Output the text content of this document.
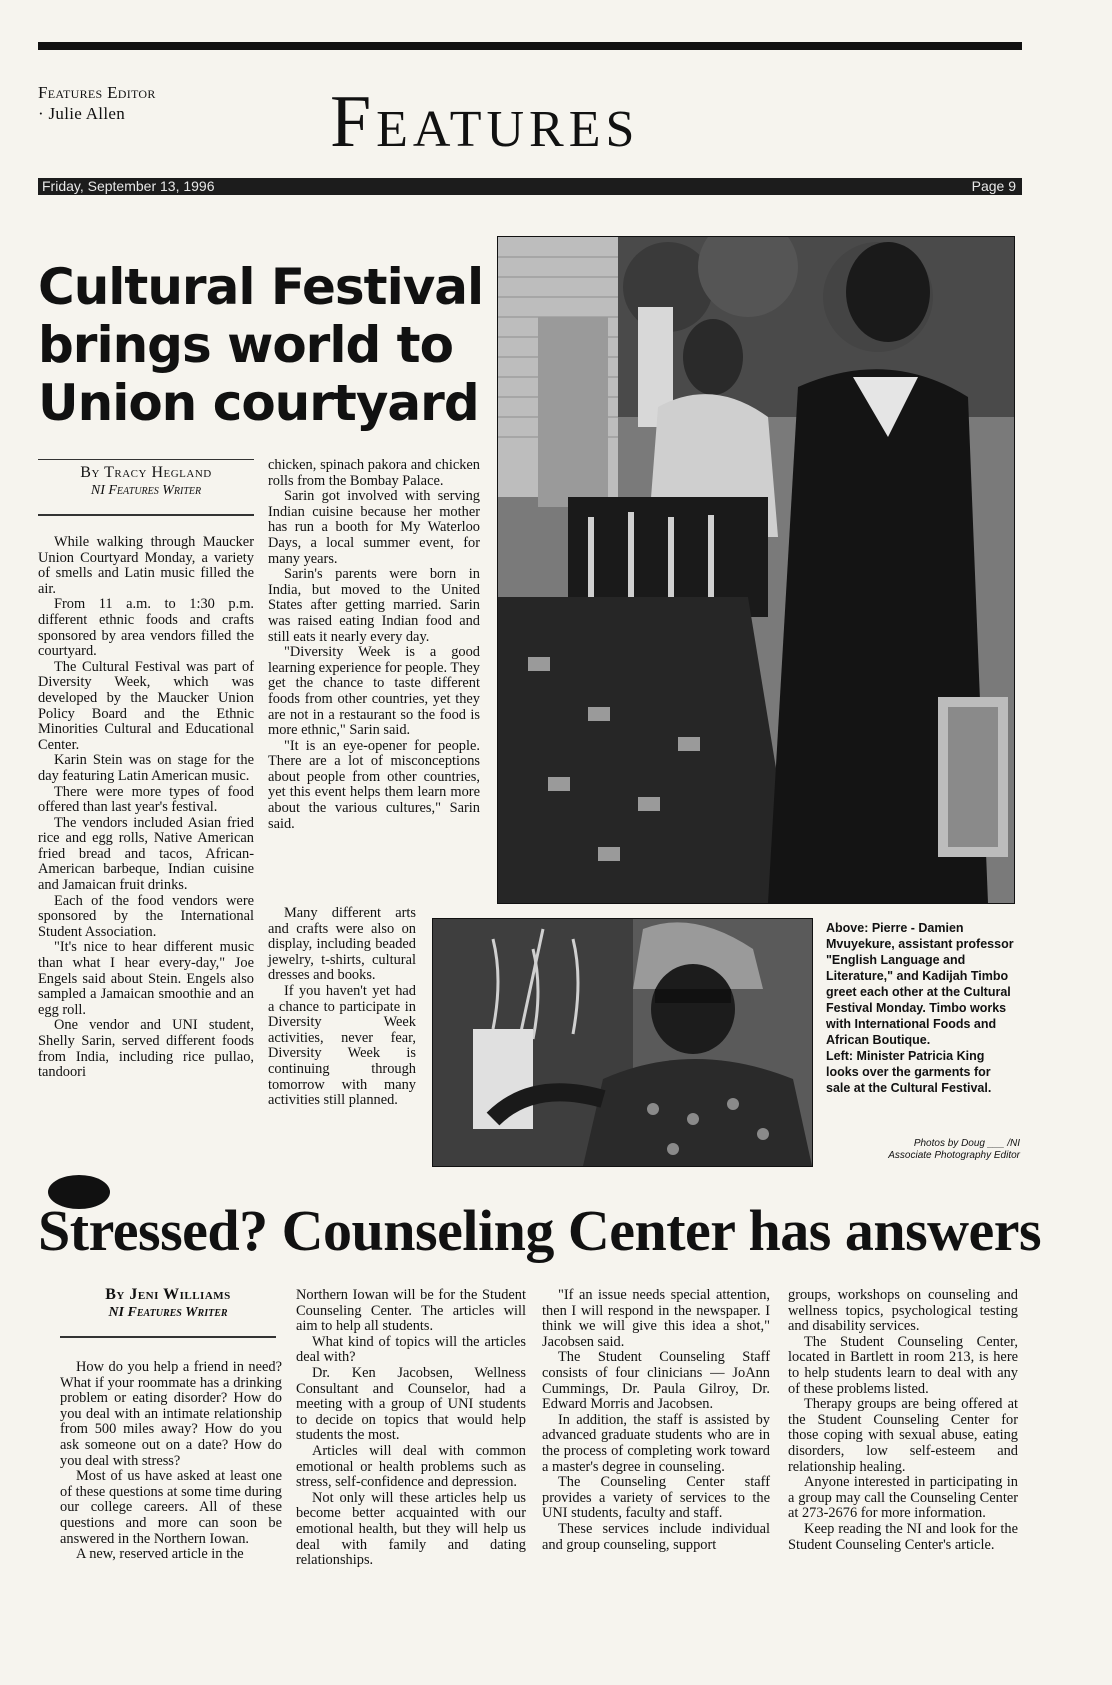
Features Editor
· Julie Allen	Features
Friday, September 13, 1996	Page 9
Cultural Festival
brings world to
Union courtyard
By Tracy Hegland
NI Features Writer

While walking through Maucker Union Courtyard Monday, a variety of smells and Latin music filled the air.

From 11 a.m. to 1:30 p.m. different ethnic foods and crafts sponsored by area vendors filled the courtyard.

The Cultural Festival was part of Diversity Week, which was developed by the Maucker Union Policy Board and the Ethnic Minorities Cultural and Educational Center.

Karin Stein was on stage for the day featuring Latin American music.

There were more types of food offered than last year's festival.

The vendors included Asian fried rice and egg rolls, Native American fried bread and tacos, African-American barbeque, Indian cuisine and Jamaican fruit drinks.

Each of the food vendors were sponsored by the International Student Association.

"It's nice to hear different music than what I hear every-day," Joe Engels said about Stein. Engels also sampled a Jamaican smoothie and an egg roll.

One vendor and UNI student, Shelly Sarin, served different foods from India, including rice pullao, tandoori

chicken, spinach pakora and chicken rolls from the Bombay Palace.

Sarin got involved with serving Indian cuisine because her mother has run a booth for My Waterloo Days, a local summer event, for many years.

Sarin's parents were born in India, but moved to the United States after getting married. Sarin was raised eating Indian food and still eats it nearly every day.

"Diversity Week is a good learning experience for people. They get the chance to taste different foods from other countries, yet they are not in a restaurant so the food is more ethnic," Sarin said.

"It is an eye-opener for people. There are a lot of misconceptions about people from other countries, yet this event helps them learn more about the various cultures," Sarin said.

Many different arts and crafts were also on display, including beaded jewelry, t-shirts, cultural dresses and books.

If you haven't yet had a chance to participate in Diversity Week activities, never fear, Diversity Week is continuing through tomorrow with many activities still planned.

Above: Pierre - Damien Mvuyekure, assistant professor "English Language and Literature," and Kadijah Timbo greet each other at the Cultural Festival Monday. Timbo works with International Foods and African Boutique.

Left: Minister Patricia King looks over the garments for sale at the Cultural Festival.

Photos by Doug ___ /NI
Associate Photography Editor
Stressed? Counseling Center has answers
By Jeni Williams
NI Features Writer

How do you help a friend in need? What if your roommate has a drinking problem or eating disorder? How do you deal with an intimate relationship from 500 miles away? How do you ask someone out on a date? How do you deal with stress?

Most of us have asked at least one of these questions at some time during our college careers. All of these questions and more can soon be answered in the Northern Iowan.

A new, reserved article in the

Northern Iowan will be for the Student Counseling Center. The articles will aim to help all students.

What kind of topics will the articles deal with?

Dr. Ken Jacobsen, Wellness Consultant and Counselor, had a meeting with a group of UNI students to decide on topics that would help students the most.

Articles will deal with common emotional or health problems such as stress, self-confidence and depression.

Not only will these articles help us become better acquainted with our emotional health, but they will help us deal with family and dating relationships.

"If an issue needs special attention, then I will respond in the newspaper. I think we will give this idea a shot," Jacobsen said.

The Student Counseling Staff consists of four clinicians — JoAnn Cummings, Dr. Paula Gilroy, Dr. Edward Morris and Jacobsen.

In addition, the staff is assisted by advanced graduate students who are in the process of completing work toward a master's degree in counseling.

The Counseling Center staff provides a variety of services to the UNI students, faculty and staff.

These services include individual and group counseling, support

groups, workshops on counseling and wellness topics, psychological testing and disability services.

The Student Counseling Center, located in Bartlett in room 213, is here to help students learn to deal with any of these problems listed.

Therapy groups are being offered at the Student Counseling Center for those coping with sexual abuse, eating disorders, low self-esteem and relationship healing.

Anyone interested in participating in a group may call the Counseling Center at 273-2676 for more information.

Keep reading the NI and look for the Student Counseling Center's article.
